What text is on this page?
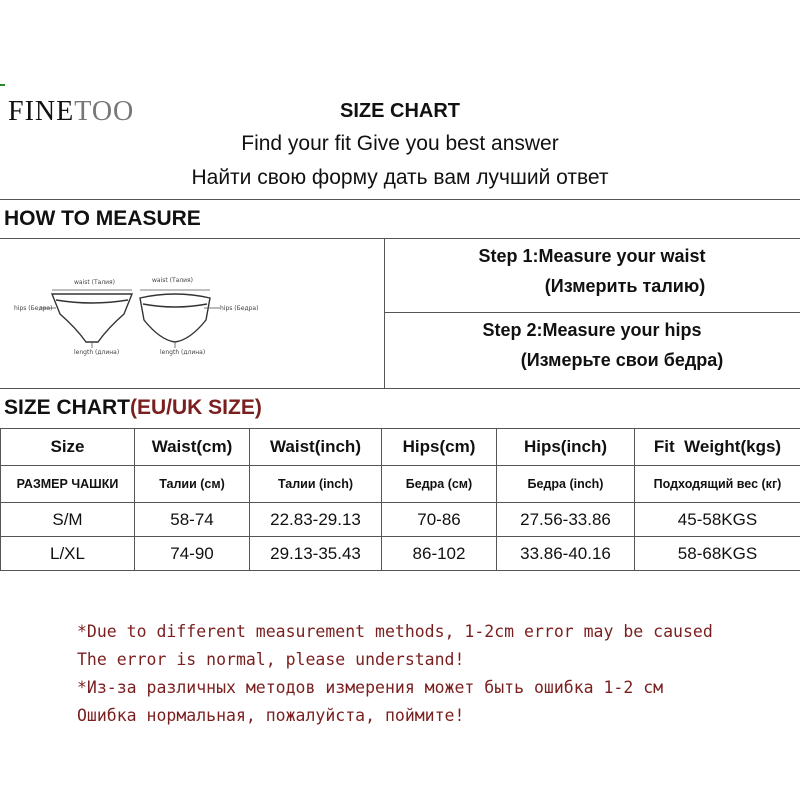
FINETOO	SIZE CHART
Find your fit Give you best answer
Найти свою форму дать вам лучший ответ
HOW TO MEASURE
waist (Талия)	waist (Талия)
hips (Бедра)	hips (Бедра)
length (длина)	length (длина)
Step 1:Measure your waist
(Измерить талию)
Step 2:Measure your hips
(Измерьте свои бедра)
SIZE CHART(EU/UK SIZE)
Size	Waist(cm)	Waist(inch)	Hips(cm)	Hips(inch)	Fit  Weight(kgs)
РАЗМЕР ЧАШКИ	Талии (см)	Талии (inch)	Бедра (см)	Бедра (inch)	Подходящий вес (кг)
S/M	58-74	22.83-29.13	70-86	27.56-33.86	45-58KGS
L/XL	74-90	29.13-35.43	86-102	33.86-40.16	58-68KGS
*Due to different measurement methods, 1-2cm error may be caused
The error is normal, please understand!
*Из-за различных методов измерения может быть ошибка 1-2 см
Ошибка нормальная, пожалуйста, поймите!
